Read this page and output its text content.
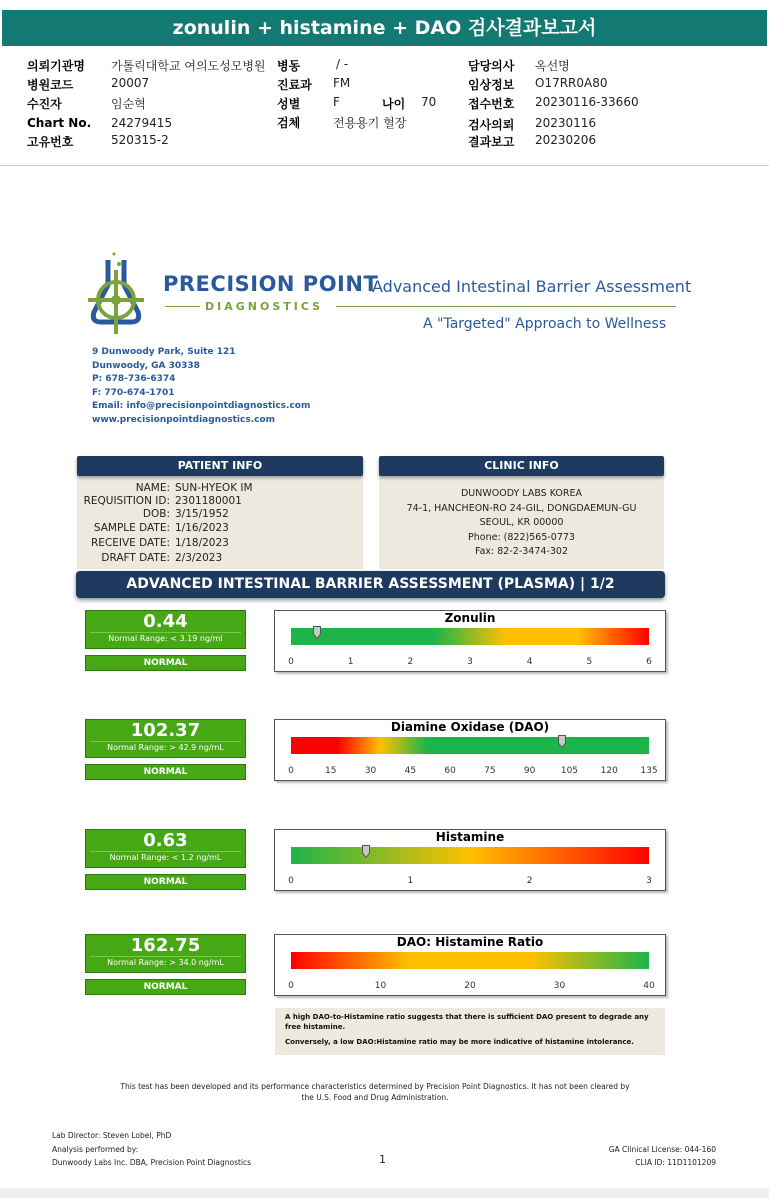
zonulin + histamine + DAO 검사결과보고서
의뢰기관명 가톨릭대학교 여의도성모병원
병원코드	20007
수진자	임순혁
Chart No. 24279415
고유번호	520315-2
병동	/ -
진료과 FM
성별	F	나이 70
검체	전용용기 혈장
담당의사 옥선명
임상정보 O17RR0A80
접수번호 20230116-33660
검사의뢰 20230116
결과보고 20230206
PRECISION POINT
DIAGNOSTICS
Advanced Intestinal Barrier Assessment
A "Targeted" Approach to Wellness
9 Dunwoody Park, Suite 121
Dunwoody, GA 30338
P: 678-736-6374
F: 770-674-1701
Email: info@precisionpointdiagnostics.com
www.precisionpointdiagnostics.com
PATIENT INFO
NAME: SUN-HYEOK IM
REQUISITION ID: 2301180001
DOB: 3/15/1952
SAMPLE DATE: 1/16/2023
RECEIVE DATE: 1/18/2023
DRAFT DATE: 2/3/2023
CLINIC INFO
DUNWOODY LABS KOREA
74-1, HANCHEON-RO 24-GIL, DONGDAEMUN-GU
SEOUL, KR 00000
Phone: (822)565-0773
Fax: 82-2-3474-302
ADVANCED INTESTINAL BARRIER ASSESSMENT (PLASMA) | 1/2
0.44
Normal Range: < 3.19 ng/ml
NORMAL
Zonulin
0	1	2	3	4	5	6
102.37
Normal Range: > 42.9 ng/mL
NORMAL
Diamine Oxidase (DAO)
0	15	30	45	60	75	90	105	120	135
0.63
Normal Range: < 1.2 ng/mL
NORMAL
Histamine
0	1	2	3
162.75
Normal Range: > 34.0 ng/mL
NORMAL
DAO: Histamine Ratio
0	10	20	30	40
A high DAO-to-Histamine ratio suggests that there is sufficient DAO present to degrade any free histamine.
Conversely, a low DAO:Histamine ratio may be more indicative of histamine intolerance.
This test has been developed and its performance characteristics determined by Precision Point Diagnostics. It has not been cleared by the U.S. Food and Drug Administration.
Lab Director: Steven Lobel, PhD
Analysis performed by:
Dunwoody Labs Inc. DBA, Precision Point Diagnostics	1
GA Clinical License: 044-160
CLIA ID: 11D1101209
